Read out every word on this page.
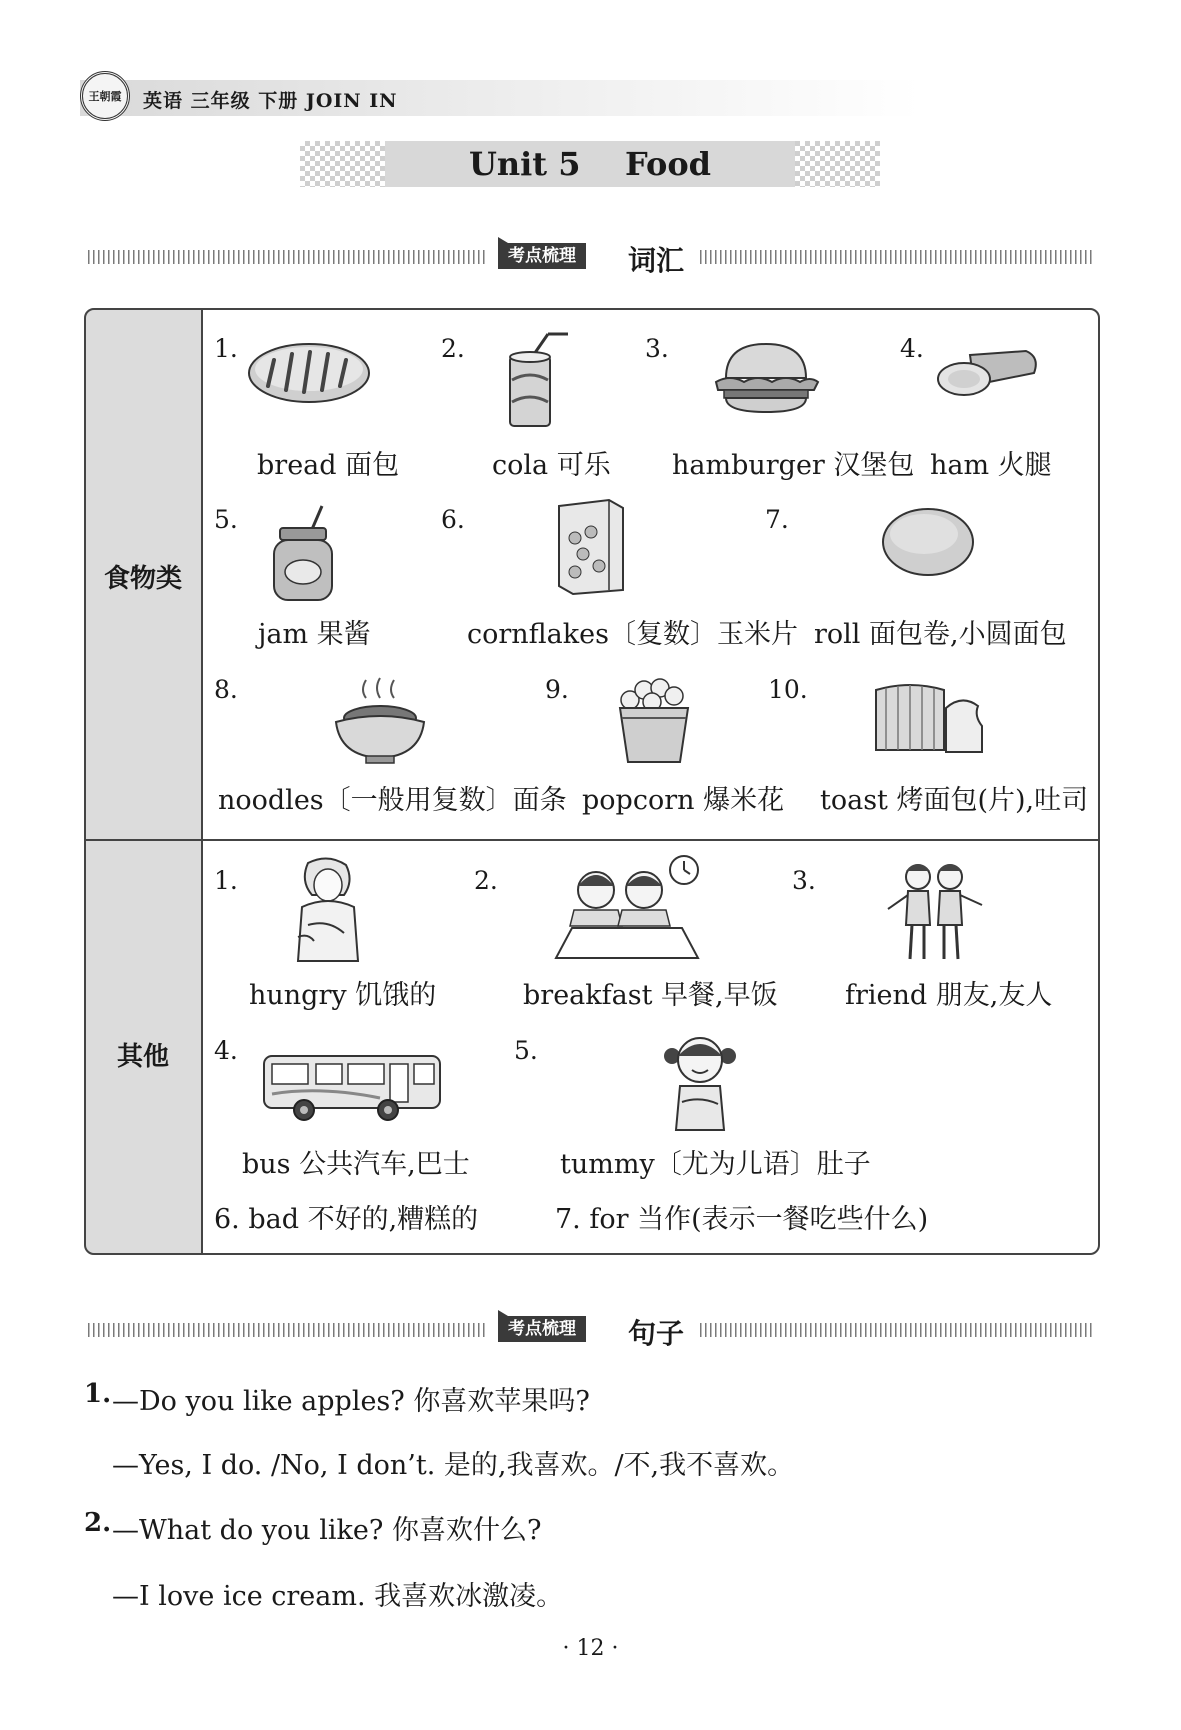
王朝霞 英语 三年级 下册 JOIN IN
Unit 5    Food
考点梳理	词汇
食物类
其他
1.	2.	3.	4.
bread 面包	cola 可乐 hamburger 汉堡包 ham 火腿
5.	6.	7.
jam 果酱	cornflakes〔复数〕玉米片 roll 面包卷,小圆面包
8.	9.	10.
noodles〔一般用复数〕面条 popcorn 爆米花 toast 烤面包(片),吐司
1.	2.	3.
hungry 饥饿的	breakfast 早餐,早饭 friend 朋友,友人
4.	5.
bus 公共汽车,巴士	tummy〔尤为儿语〕肚子
6. bad 不好的,糟糕的	7. for 当作(表示一餐吃些什么)
考点梳理	句子
1. —Do you like apples? 你喜欢苹果吗?
—Yes, I do. /No, I don’t. 是的,我喜欢。/不,我不喜欢。
2. —What do you like? 你喜欢什么?
—I love ice cream. 我喜欢冰激凌。
· 12 ·
